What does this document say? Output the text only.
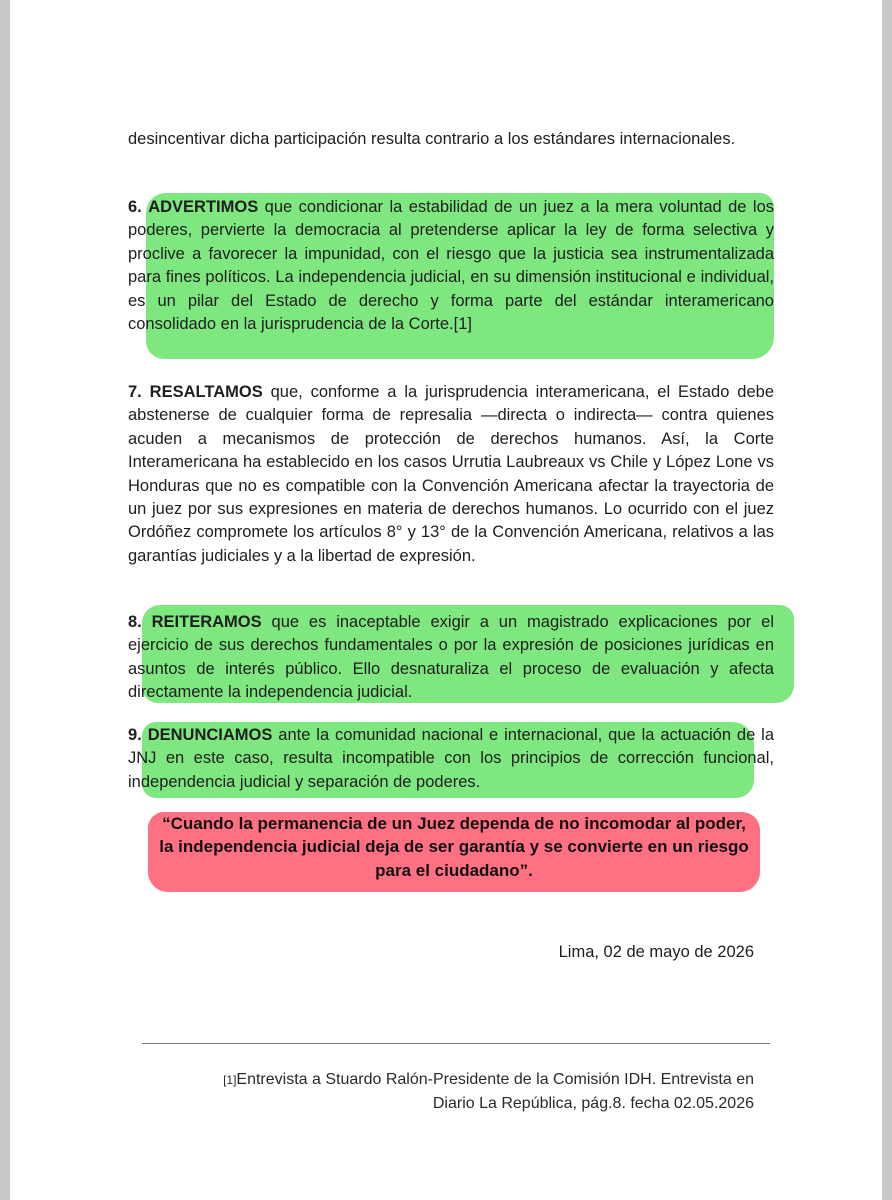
desincentivar dicha participación resulta contrario a los estándares internacionales.
6. ADVERTIMOS que condicionar la estabilidad de un juez a la mera voluntad de los poderes, pervierte la democracia al pretenderse aplicar la ley de forma selectiva y proclive a favorecer la impunidad, con el riesgo que la justicia sea instrumentalizada para fines políticos. La independencia judicial, en su dimensión institucional e individual, es un pilar del Estado de derecho y forma parte del estándar interamericano consolidado en la jurisprudencia de la Corte.[1]
7. RESALTAMOS que, conforme a la jurisprudencia interamericana, el Estado debe abstenerse de cualquier forma de represalia —directa o indirecta— contra quienes acuden a mecanismos de protección de derechos humanos. Así, la Corte Interamericana ha establecido en los casos Urrutia Laubreaux vs Chile y López Lone vs Honduras que no es compatible con la Convención Americana afectar la trayectoria de un juez por sus expresiones en materia de derechos humanos. Lo ocurrido con el juez Ordóñez compromete los artículos 8° y 13° de la Convención Americana, relativos a las garantías judiciales y a la libertad de expresión.
8. REITERAMOS que es inaceptable exigir a un magistrado explicaciones por el ejercicio de sus derechos fundamentales o por la expresión de posiciones jurídicas en asuntos de interés público. Ello desnaturaliza el proceso de evaluación y afecta directamente la independencia judicial.
9. DENUNCIAMOS ante la comunidad nacional e internacional, que la actuación de la JNJ en este caso, resulta incompatible con los principios de corrección funcional, independencia judicial y separación de poderes.
“Cuando la permanencia de un Juez dependa de no incomodar al poder,
la independencia judicial deja de ser garantía y se convierte en un riesgo
para el ciudadano”.
Lima, 02 de mayo de 2026
[1]Entrevista a Stuardo Ralón-Presidente de la Comisión IDH. Entrevista en
Diario La República, pág.8. fecha 02.05.2026
